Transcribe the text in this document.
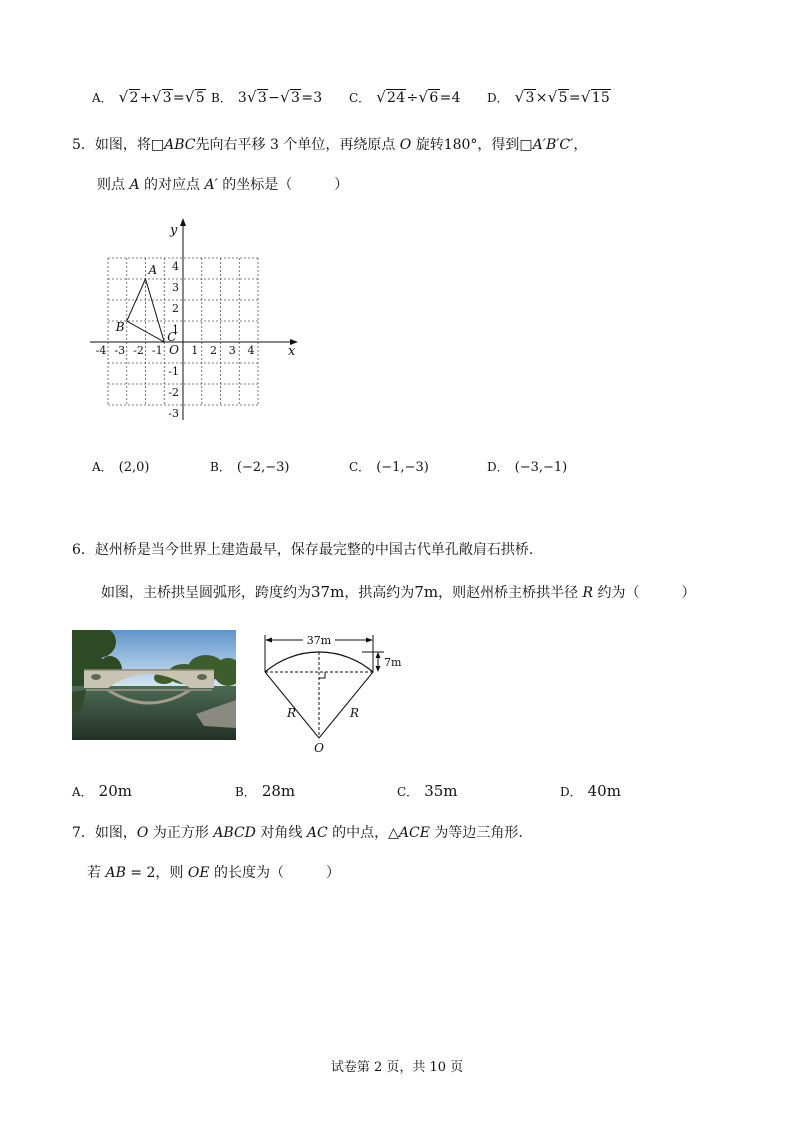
A． √2+√3=√5 B． 3√3−√3=3 C． √24÷√6=4 D． √3×√5=√15
5．如图，将□ABC先向右平移 3 个单位，再绕原点 O 旋转180°，得到□A′B′C′，
则点 A 的对应点 A′ 的坐标是（　　　）
x
y
-4 -3 -2 -1	1 2 3 4
4
3
2
1
-1
-2
-3
O
A
B
C
A． (2,0)	B． (−2,−3)	C． (−1,−3)	D． (−3,−1)
6．赵州桥是当今世界上建造最早，保存最完整的中国古代单孔敞肩石拱桥.
如图，主桥拱呈圆弧形，跨度约为37m，拱高约为7m，则赵州桥主桥拱半径 R 约为（　　　）
37m
7m
R	R
O
A． 20m	B． 28m	C． 35m	D． 40m
7．如图，O 为正方形 ABCD 对角线 AC 的中点，△ACE 为等边三角形.
若 AB = 2，则 OE 的长度为（　　　）
试卷第 2 页，共 10 页
